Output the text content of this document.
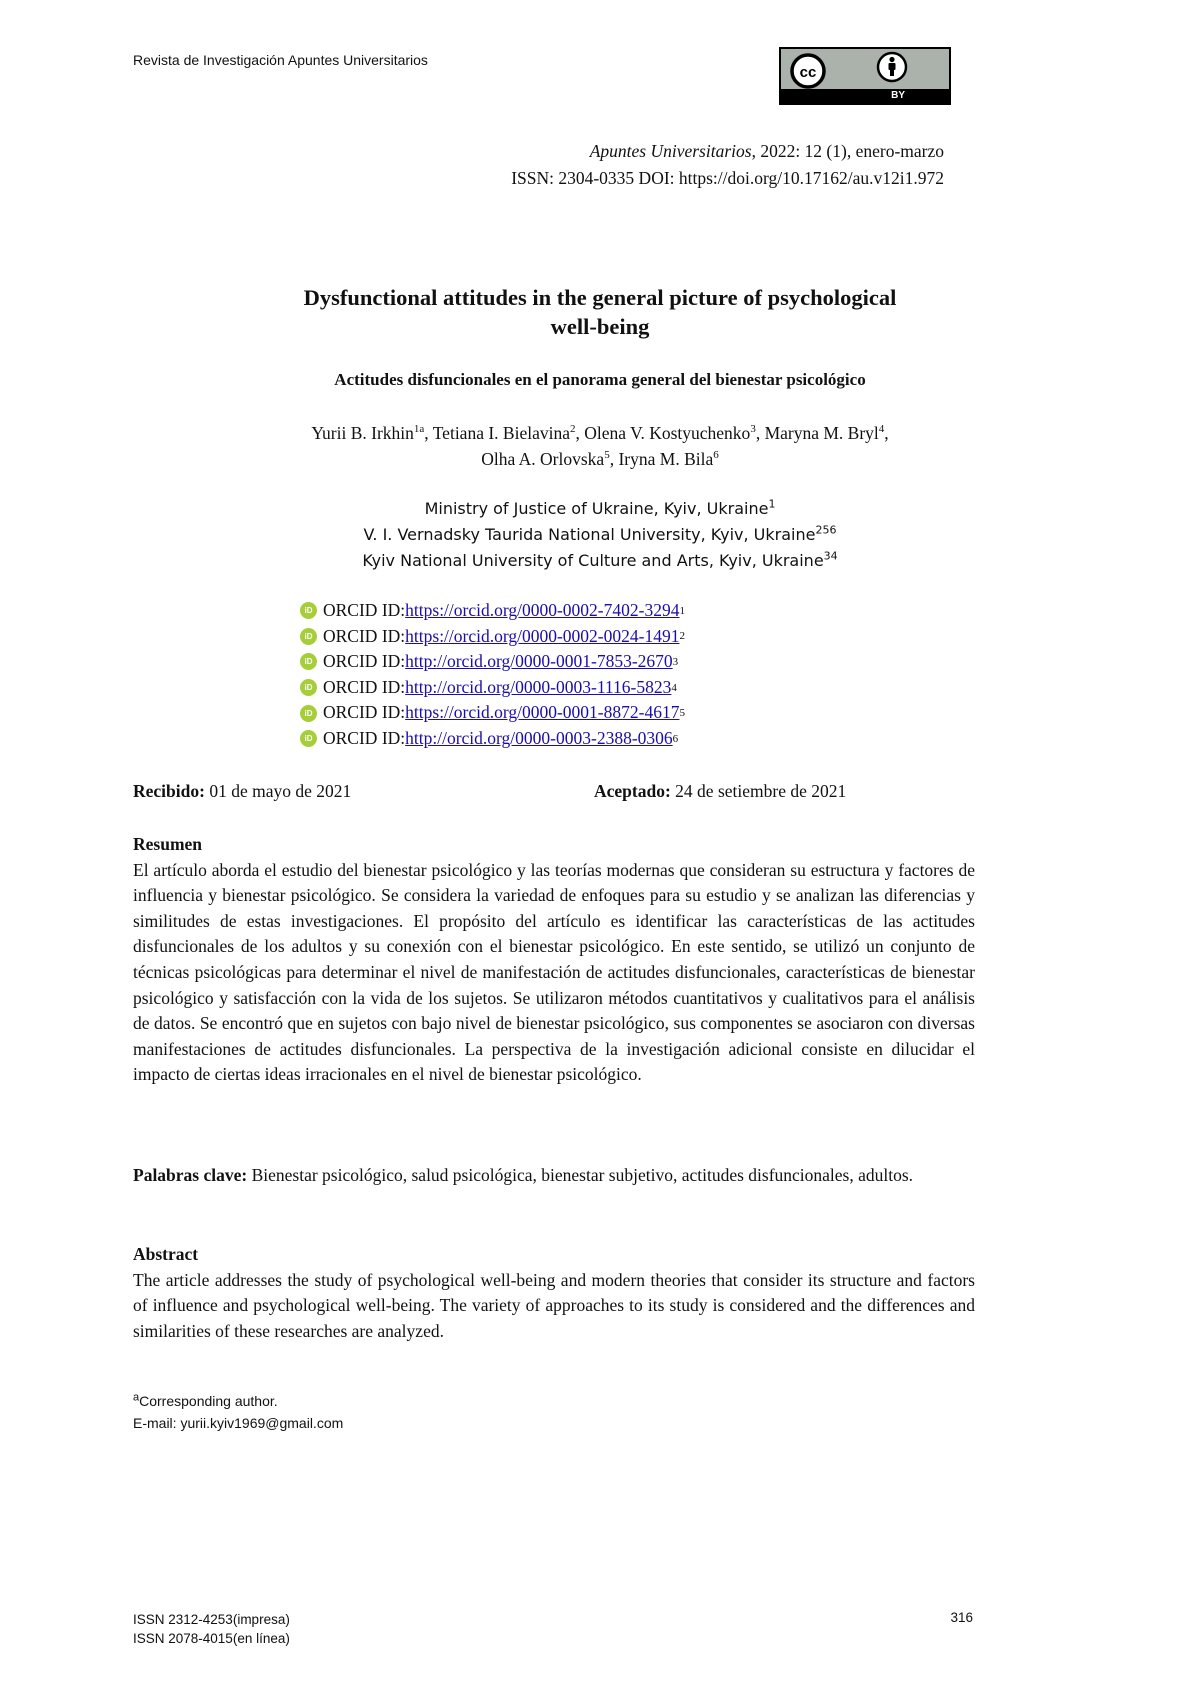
Revista de Investigación Apuntes Universitarios
cc
BY
Apuntes Universitarios, 2022: 12 (1), enero-marzo
ISSN: 2304-0335 DOI: https://doi.org/10.17162/au.v12i1.972
Dysfunctional attitudes in the general picture of psychological
well-being
Actitudes disfuncionales en el panorama general del bienestar psicológico
Yurii B. Irkhin$^{1a}$, Tetiana I. Bielavina$^2$, Olena V. Kostyuchenko$^3$, Maryna M. Bryl$^4$,
Olha A. Orlovska$^5$, Iryna M. Bila$^6$
Ministry of Justice of Ukraine, Kyiv, Ukraine$^1$
V. I. Vernadsky Taurida National University, Kyiv, Ukraine$^{256}$
Kyiv National University of Culture and Arts, Kyiv, Ukraine$^{34}$
iD ORCID ID: https://orcid.org/0000-0002-7402-3294 1
iD ORCID ID: https://orcid.org/0000-0002-0024-1491 2
iD ORCID ID: http://orcid.org/0000-0001-7853-2670 3
iD ORCID ID: http://orcid.org/0000-0003-1116-5823 4
iD ORCID ID: https://orcid.org/0000-0001-8872-4617 5
iD ORCID ID: http://orcid.org/0000-0003-2388-0306 6
Recibido: 01 de mayo de 2021	Aceptado: 24 de setiembre de 2021
Resumen
El artículo aborda el estudio del bienestar psicológico y las teorías modernas que consideran su estructura y factores de influencia y bienestar psicológico. Se considera la variedad de enfoques para su estudio y se analizan las diferencias y similitudes de estas investigaciones. El propósito del artículo es identificar las características de las actitudes disfuncionales de los adultos y su conexión con el bienestar psicológico. En este sentido, se utilizó un conjunto de técnicas psicológicas para determinar el nivel de manifestación de actitudes disfuncionales, características de bienestar psicológico y satisfacción con la vida de los sujetos. Se utilizaron métodos cuantitativos y cualitativos para el análisis de datos. Se encontró que en sujetos con bajo nivel de bienestar psicológico, sus componentes se asociaron con diversas manifestaciones de actitudes disfuncionales. La perspectiva de la investigación adicional consiste en dilucidar el impacto de ciertas ideas irracionales en el nivel de bienestar psicológico.
Palabras clave: Bienestar psicológico, salud psicológica, bienestar subjetivo, actitudes disfuncionales, adultos.
Abstract
The article addresses the study of psychological well-being and modern theories that consider its structure and factors of influence and psychological well-being. The variety of approaches to its study is considered and the differences and similarities of these researches are analyzed.
$^a$Corresponding author.
E-mail: yurii.kyiv1969@gmail.com
ISSN 2312-4253(impresa)
ISSN 2078-4015(en línea)
316
